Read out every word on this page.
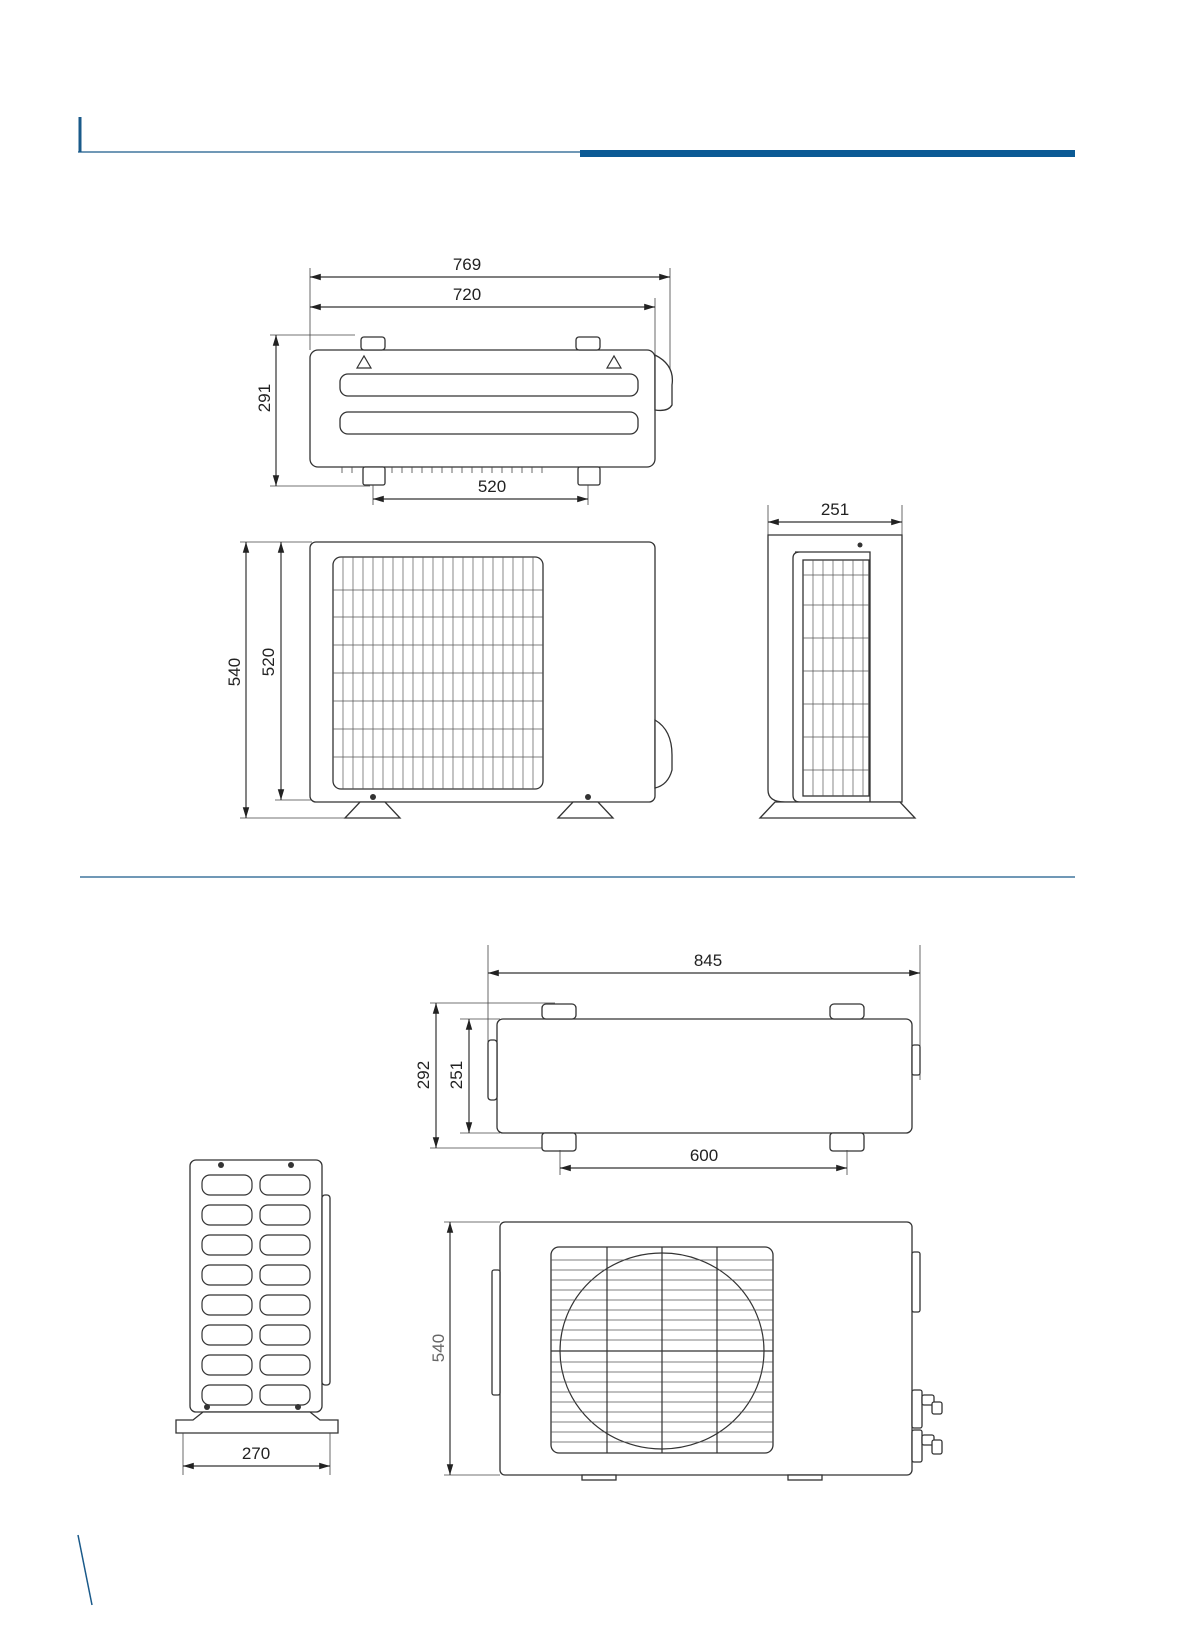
769
720
291
520
540 520
251
845
292 251
600
270
540
